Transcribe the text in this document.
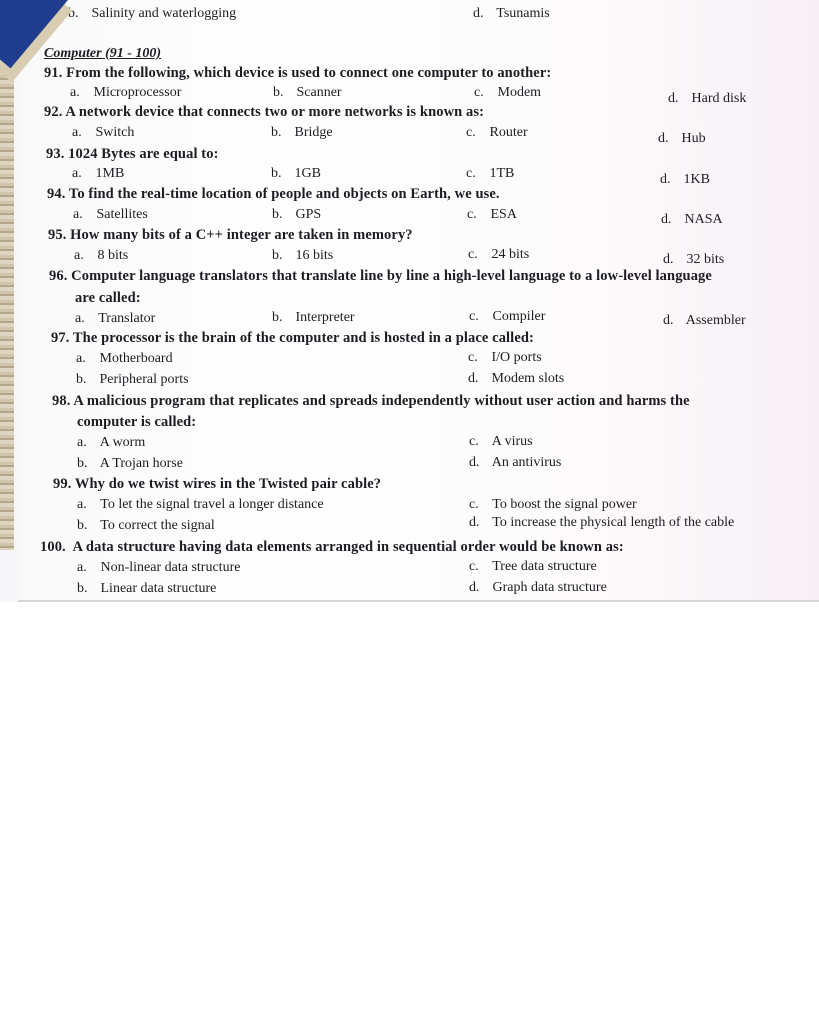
b. Salinity and waterlogging	d. Tsunamis
Computer (91 - 100)
91. From the following, which device is used to connect one computer to another:
a. Microprocessor	b. Scanner	c. Modem	d. Hard disk
92. A network device that connects two or more networks is known as:
a. Switch	b. Bridge	c. Router	d. Hub
93. 1024 Bytes are equal to:
a. 1MB	b. 1GB	c. 1TB	d. 1KB
94. To find the real-time location of people and objects on Earth, we use.
a. Satellites	b. GPS	c. ESA	d. NASA
95. How many bits of a C++ integer are taken in memory?
a. 8 bits	b. 16 bits	c. 24 bits	d. 32 bits
96. Computer language translators that translate line by line a high-level language to a low-level language
are called:
a. Translator	b. Interpreter	c. Compiler	d. Assembler
97. The processor is the brain of the computer and is hosted in a place called:
a. Motherboard
b. Peripheral ports
c. I/O ports
d. Modem slots
98. A malicious program that replicates and spreads independently without user action and harms the
computer is called:
a. A worm
b. A Trojan horse
c. A virus
d. An antivirus
99. Why do we twist wires in the Twisted pair cable?
a. To let the signal travel a longer distance
b. To correct the signal
c. To boost the signal power
d. To increase the physical length of the cable
100. A data structure having data elements arranged in sequential order would be known as:
a. Non-linear data structure
b. Linear data structure
c. Tree data structure
d. Graph data structure
